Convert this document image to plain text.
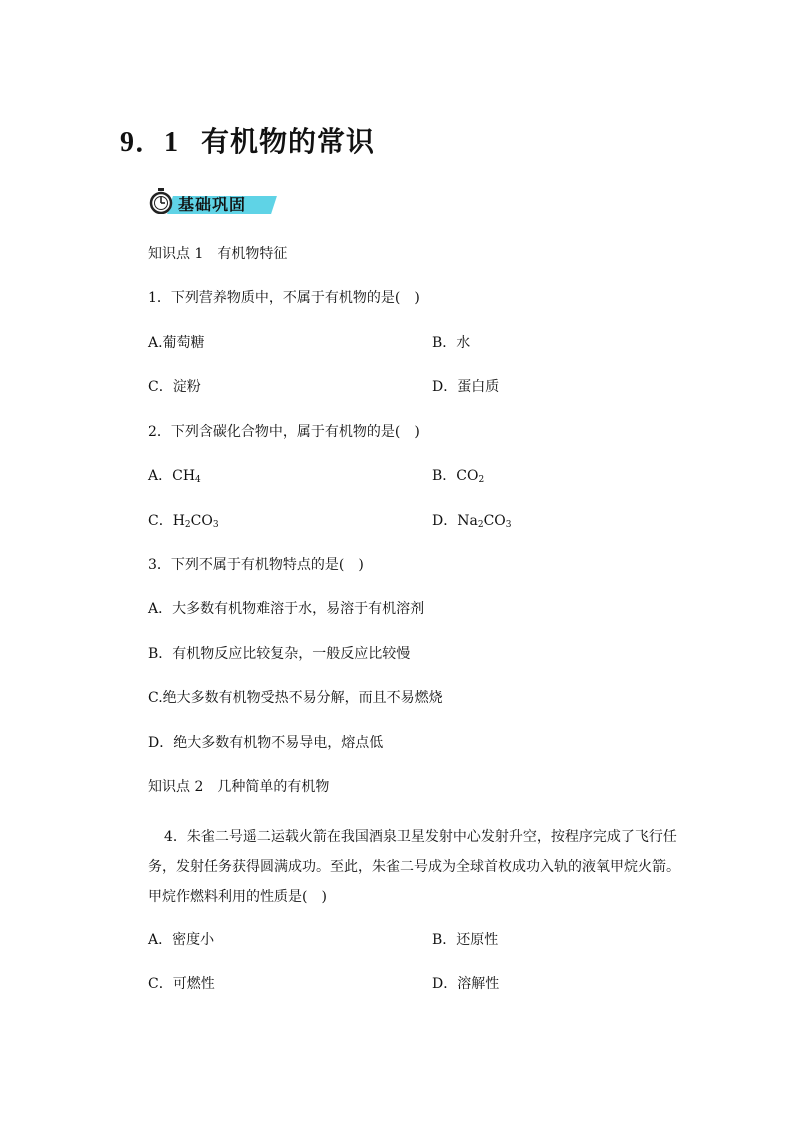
9．1 有机物的常识
基础巩固
知识点 1　有机物特征
1．下列营养物质中，不属于有机物的是(　)
A.葡萄糖	B．水
C．淀粉	D．蛋白质
2．下列含碳化合物中，属于有机物的是(　)
A．$CH_4$	B．$CO_2$
C．$H_2CO_3$	D．$Na_2CO_3$
3．下列不属于有机物特点的是(　)
A．大多数有机物难溶于水，易溶于有机溶剂
B．有机物反应比较复杂，一般反应比较慢
C.绝大多数有机物受热不易分解，而且不易燃烧
D．绝大多数有机物不易导电，熔点低
知识点 2　几种简单的有机物
4．朱雀二号遥二运载火箭在我国酒泉卫星发射中心发射升空，按程序完成了飞行任务，发射任务获得圆满成功。至此，朱雀二号成为全球首枚成功入轨的液氧甲烷火箭。甲烷作燃料利用的性质是(　)
A．密度小	B．还原性
C．可燃性	D．溶解性
